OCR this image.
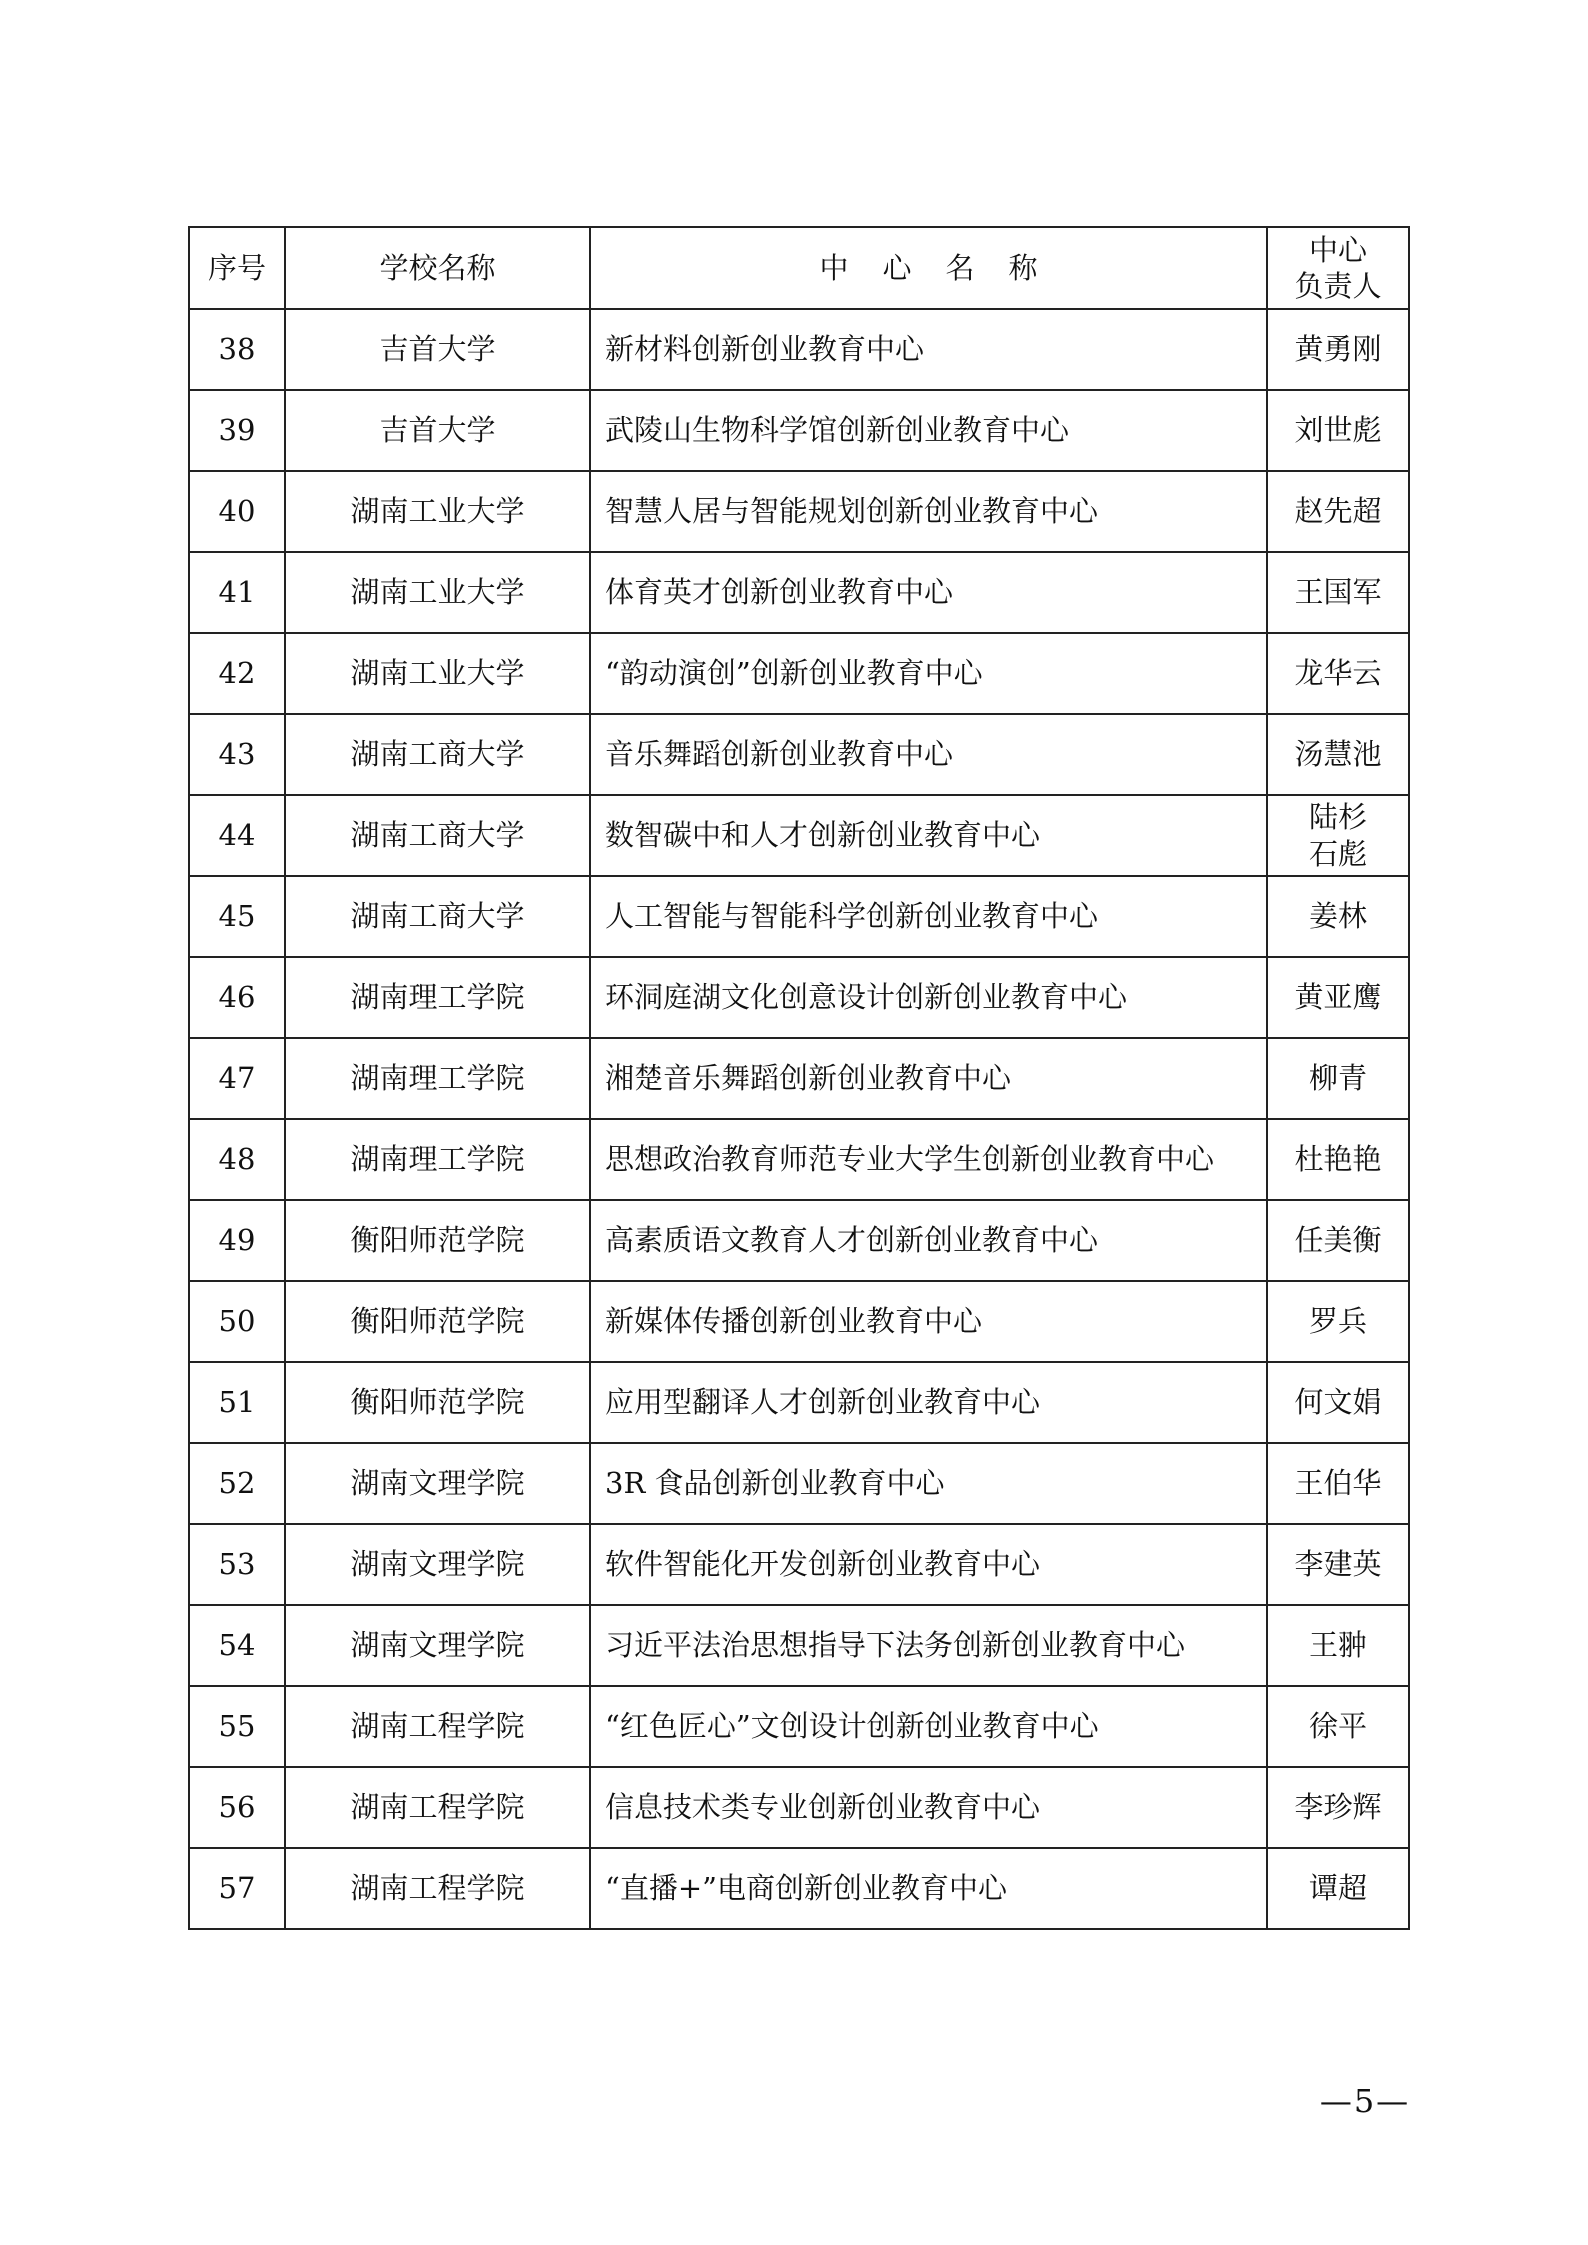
序号	学校名称	中心名称	中心
负责人
38	吉首大学	新材料创新创业教育中心	黄勇刚
39	吉首大学	武陵山生物科学馆创新创业教育中心	刘世彪
40	湖南工业大学	智慧人居与智能规划创新创业教育中心	赵先超
41	湖南工业大学	体育英才创新创业教育中心	王国军
42	湖南工业大学	“韵动演创”创新创业教育中心	龙华云
43	湖南工商大学	音乐舞蹈创新创业教育中心	汤慧池
44	湖南工商大学	数智碳中和人才创新创业教育中心	陆杉
石彪
45	湖南工商大学	人工智能与智能科学创新创业教育中心	姜林
46	湖南理工学院	环洞庭湖文化创意设计创新创业教育中心	黄亚鹰
47	湖南理工学院	湘楚音乐舞蹈创新创业教育中心	柳青
48	湖南理工学院	思想政治教育师范专业大学生创新创业教育中心	杜艳艳
49	衡阳师范学院	高素质语文教育人才创新创业教育中心	任美衡
50	衡阳师范学院	新媒体传播创新创业教育中心	罗兵
51	衡阳师范学院	应用型翻译人才创新创业教育中心	何文娟
52	湖南文理学院	3R 食品创新创业教育中心	王伯华
53	湖南文理学院	软件智能化开发创新创业教育中心	李建英
54	湖南文理学院	习近平法治思想指导下法务创新创业教育中心	王翀
55	湖南工程学院	“红色匠心”文创设计创新创业教育中心	徐平
56	湖南工程学院	信息技术类专业创新创业教育中心	李珍辉
57	湖南工程学院	“直播+”电商创新创业教育中心	谭超
—5—
